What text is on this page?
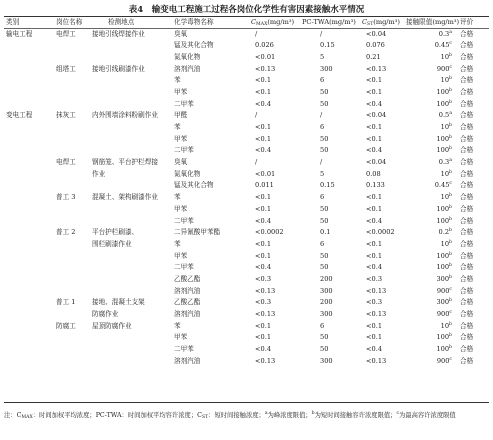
表4　输变电工程施工过程各岗位化学性有害因素接触水平情况
类别	岗位名称	检测地点	化学毒物名称	$C_{MAX}(mg/m^3)$	PC-TWA(mg/m³)	$C_{ST}(mg/m^3)$	接触限值(mg/m³)	评价
输电工程	电焊工	接地引线焊接作业	臭氧	/	/	<0.04	0.3$^a$	合格
			锰及其化合物	0.026	0.15	0.076	0.45$^c$	合格
			氮氧化物	<0.01	5	0.21	10$^b$	合格
	组塔工	接地引线刷漆作业	溶剂汽油	<0.13	300	<0.13	900$^c$	合格
			苯	<0.1	6	<0.1	10$^b$	合格
			甲苯	<0.1	50	<0.1	100$^b$	合格
			二甲苯	<0.4	50	<0.4	100$^b$	合格
变电工程	抹灰工	内外围墙涂料粉刷作业	甲醛	/	/	<0.04	0.5$^a$	合格
			苯	<0.1	6	<0.1	10$^b$	合格
			甲苯	<0.1	50	<0.1	100$^b$	合格
			二甲苯	<0.4	50	<0.4	100$^b$	合格
	电焊工	钢筋笼、平台护栏焊接	臭氧	/	/	<0.04	0.3$^a$	合格
		作业	氮氧化物	<0.01	5	0.08	10$^b$	合格
			锰及其化合物	0.011	0.15	0.133	0.45$^c$	合格
	普工 3	混凝土、架构刷漆作业	苯	<0.1	6	<0.1	10$^b$	合格
			甲苯	<0.1	50	<0.1	100$^b$	合格
			二甲苯	<0.4	50	<0.4	100$^b$	合格
	普工 2	平台护栏刷漆、	二异氰酸甲苯酯	<0.0002	0.1	<0.0002	0.2$^b$	合格
		围栏刷漆作业	苯	<0.1	6	<0.1	10$^b$	合格
			甲苯	<0.1	50	<0.1	100$^b$	合格
			二甲苯	<0.4	50	<0.4	100$^b$	合格
			乙酸乙酯	<0.3	200	<0.3	300$^b$	合格
			溶剂汽油	<0.13	300	<0.13	900$^c$	合格
	普工 1	接地、混凝土支架	乙酸乙酯	<0.3	200	<0.3	300$^b$	合格
		防腐作业	溶剂汽油	<0.13	300	<0.13	900$^c$	合格
	防腐工	屋顶防腐作业	苯	<0.1	6	<0.1	10$^b$	合格
			甲苯	<0.1	50	<0.1	100$^b$	合格
			二甲苯	<0.4	50	<0.4	100$^b$	合格
			溶剂汽油	<0.13	300	<0.13	900$^c$	合格
注：$C_{MAX}$：时间加权平均浓度；PC-TWA：时间加权平均容许浓度；$C_{ST}$：短时间接触浓度；$^a$为峰浓度限值；$^b$为短时间接触容许浓度限值；$^c$为最高容许浓度限值
